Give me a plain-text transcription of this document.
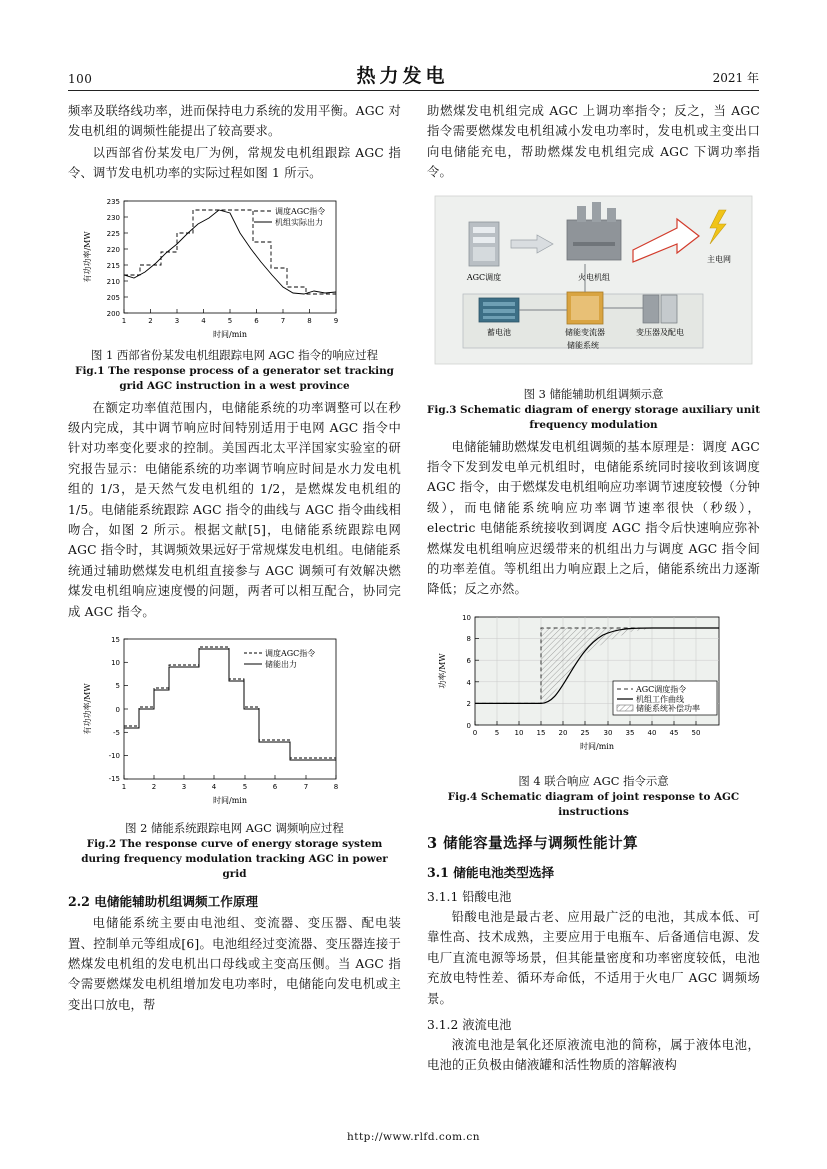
100	热力发电	2021 年

频率及联络线功率，进而保持电力系统的发用平衡。AGC 对发电机组的调频性能提出了较高要求。

以西部省份某发电厂为例，常规发电机组跟踪 AGC 指令、调节发电机功率的实际过程如图 1 所示。

235
230
225
220
215
210
205
200
1	2	3	4	5	6	7	8	9
有功功率/MW
时间/min
调度AGC指令
机组实际出力
图 1 西部省份某发电机组跟踪电网 AGC 指令的响应过程
Fig.1 The response process of a generator set tracking grid AGC instruction in a west province

在额定功率值范围内，电储能系统的功率调整可以在秒级内完成，其中调节响应时间特别适用于电网 AGC 指令中针对功率变化要求的控制。美国西北太平洋国家实验室的研究报告显示：电储能系统的功率调节响应时间是水力发电机组的 1/3，是天然气发电机组的 1/2，是燃煤发电机组的 1/5。电储能系统跟踪 AGC 指令的曲线与 AGC 指令曲线相吻合，如图 2 所示。根据文献[5]，电储能系统跟踪电网 AGC 指令时，其调频效果远好于常规煤发电机组。电储能系统通过辅助燃煤发电机组直接参与 AGC 调频可有效解决燃煤发电机组响应速度慢的问题，两者可以相互配合，协同完成 AGC 指令。

15
10
5
0
-5
-10
-15
1	2	3	4	5	6	7	8
有功功率/MW
时间/min
调度AGC指令
储能出力
图 2 储能系统跟踪电网 AGC 调频响应过程
Fig.2 The response curve of energy storage system during frequency modulation tracking AGC in power grid
2.2 电储能辅助机组调频工作原理

电储能系统主要由电池组、变流器、变压器、配电装置、控制单元等组成[6]。电池组经过变流器、变压器连接于燃煤发电机组的发电机出口母线或主变高压侧。当 AGC 指令需要燃煤发电机组增加发电功率时，电储能向发电机或主变出口放电，帮

助燃煤发电机组完成 AGC 上调功率指令；反之，当 AGC 指令需要燃煤发电机组减小发电功率时，发电机或主变出口向电储能充电，帮助燃煤发电机组完成 AGC 下调功率指令。

AGC调度	火电机组
主电网
蓄电池	储能变流器	变压器及配电
储能系统
图 3 储能辅助机组调频示意
Fig.3 Schematic diagram of energy storage auxiliary unit frequency modulation

电储能辅助燃煤发电机组调频的基本原理是：调度 AGC 指令下发到发电单元机组时，电储能系统同时接收到该调度 AGC 指令，由于燃煤发电机组响应功率调节速度较慢（分钟级），而电储能系统响应功率调节速率很快（秒级），electric 电储能系统接收到调度 AGC 指令后快速响应弥补燃煤发电机组响应迟缓带来的机组出力与调度 AGC 指令间的功率差值。等机组出力响应跟上之后，储能系统出力逐渐降低；反之亦然。

0	5 10 15 20 25 30 35 40 45 50
10
8
6
4
2
0
功率/MW
时间/min
AGC调度指令
机组工作曲线
储能系统补偿功率
图 4 联合响应 AGC 指令示意
Fig.4 Schematic diagram of joint response to AGC instructions
3 储能容量选择与调频性能计算
3.1 储能电池类型选择
3.1.1 铅酸电池

铅酸电池是最古老、应用最广泛的电池，其成本低、可靠性高、技术成熟，主要应用于电瓶车、后备通信电源、发电厂直流电源等场景，但其能量密度和功率密度较低，电池充放电特性差、循环寿命低，不适用于火电厂 AGC 调频场景。

3.1.2 液流电池

液流电池是氧化还原液流电池的简称，属于液体电池，电池的正负极由储液罐和活性物质的溶解液构

http://www.rlfd.com.cn
